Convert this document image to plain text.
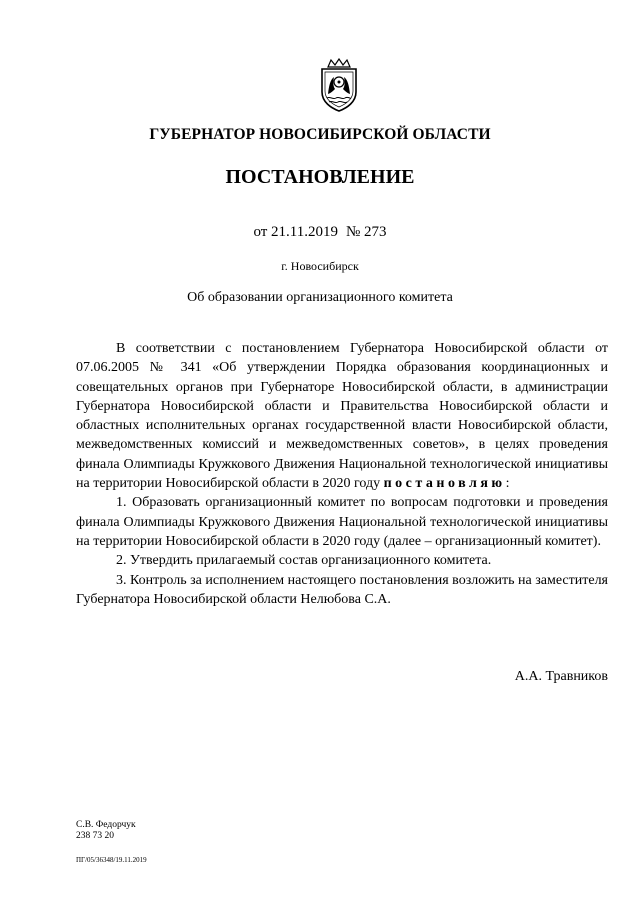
ГУБЕРНАТОР НОВОСИБИРСКОЙ ОБЛАСТИ
ПОСТАНОВЛЕНИЕ
от 21.11.2019 № 273
г. Новосибирск
Об образовании организационного комитета

В соответствии с постановлением Губернатора Новосибирской области от 07.06.2005 № 341 «Об утверждении Порядка образования координационных и совещательных органов при Губернаторе Новосибирской области, в администрации Губернатора Новосибирской области и Правительства Новосибирской области и областных исполнительных органах государственной власти Новосибирской области, межведомственных комиссий и межведомственных советов», в целях проведения финала Олимпиады Кружкового Движения Национальной технологической инициативы на территории Новосибирской области в 2020 году постановляю:

1. Образовать организационный комитет по вопросам подготовки и проведения финала Олимпиады Кружкового Движения Национальной технологической инициативы на территории Новосибирской области в 2020 году (далее – организационный комитет).

2. Утвердить прилагаемый состав организационного комитета.

3. Контроль за исполнением настоящего постановления возложить на заместителя Губернатора Новосибирской области Нелюбова С.А.

А.А. Травников
С.В. Федорчук
238 73 20
ПГ/05/36348/19.11.2019
